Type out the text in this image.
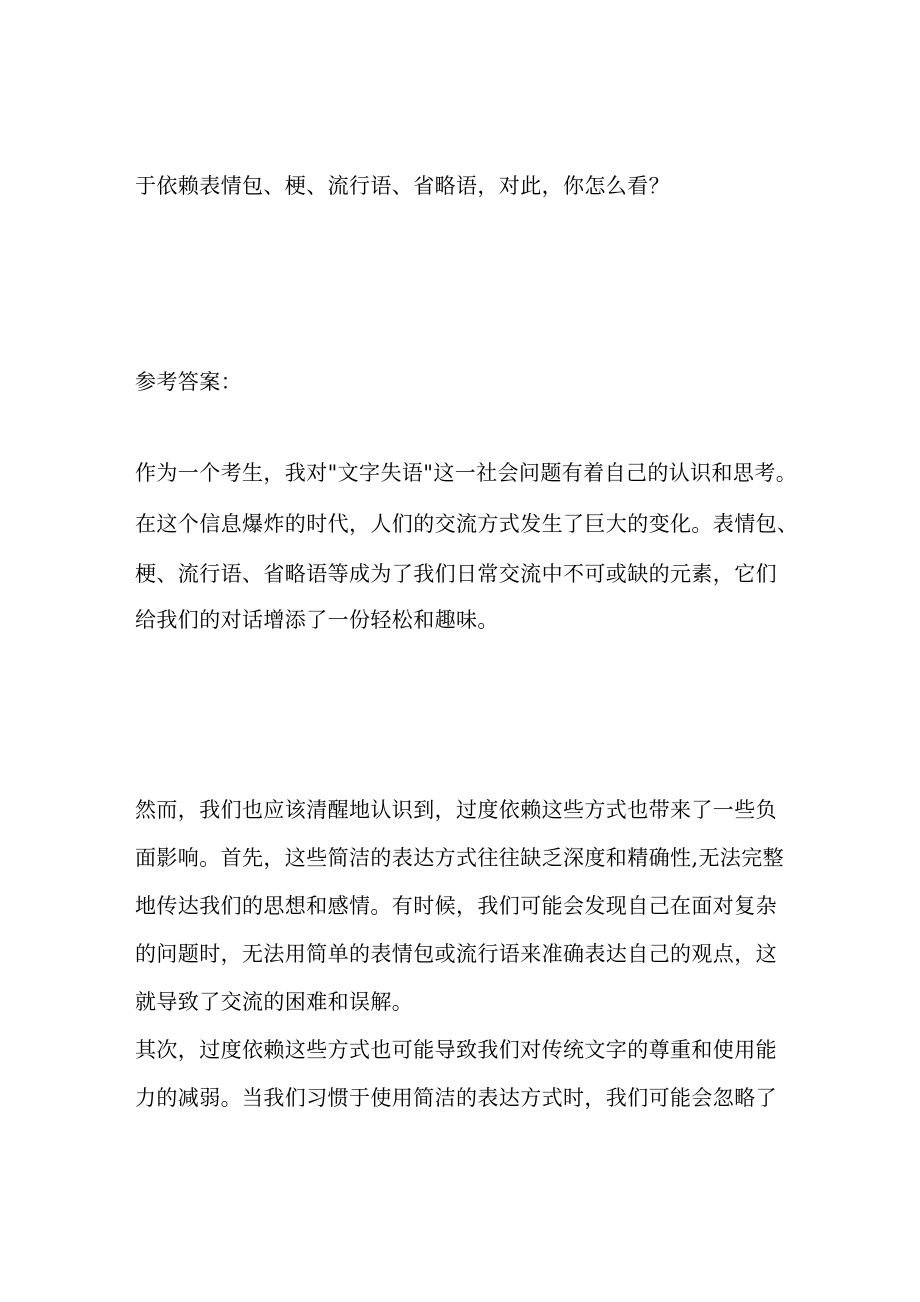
于依赖表情包、梗、流行语、省略语，对此，你怎么看？
参考答案：
作为一个考生，我对"文字失语"这一社会问题有着自己的认识和思考。
在这个信息爆炸的时代，人们的交流方式发生了巨大的变化。表情包、
梗、流行语、省略语等成为了我们日常交流中不可或缺的元素，它们
给我们的对话增添了一份轻松和趣味。
然而，我们也应该清醒地认识到，过度依赖这些方式也带来了一些负
面影响。首先，这些简洁的表达方式往往缺乏深度和精确性,无法完整
地传达我们的思想和感情。有时候，我们可能会发现自己在面对复杂
的问题时，无法用简单的表情包或流行语来准确表达自己的观点，这
就导致了交流的困难和误解。
其次，过度依赖这些方式也可能导致我们对传统文字的尊重和使用能
力的减弱。当我们习惯于使用简洁的表达方式时，我们可能会忽略了
